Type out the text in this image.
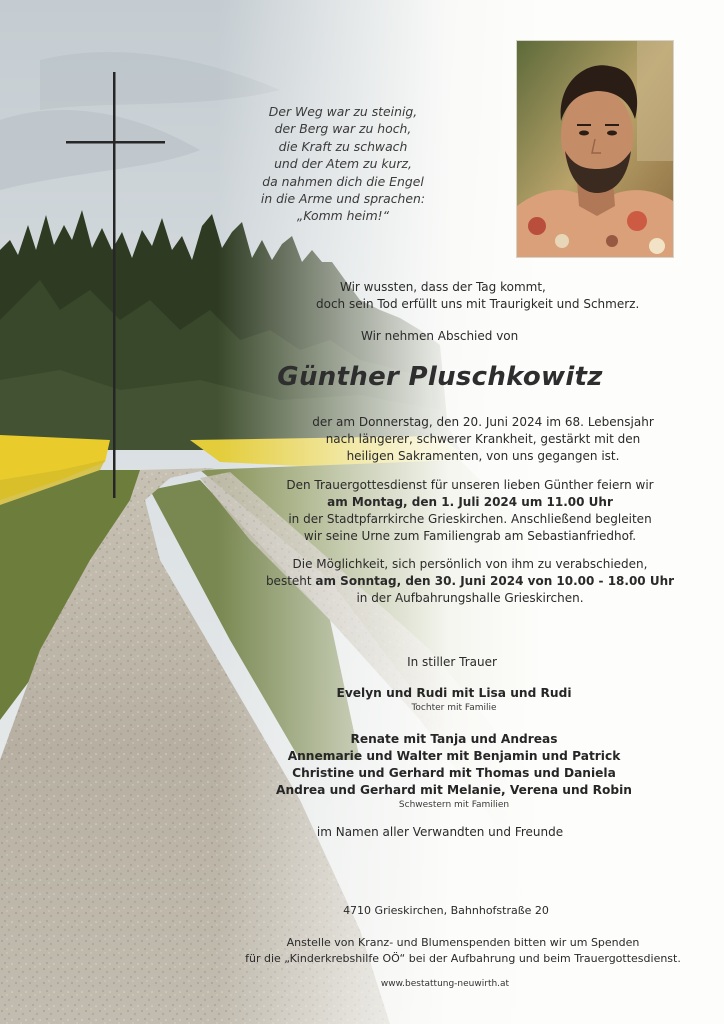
Der Weg war zu steinig,
der Berg war zu hoch,
die Kraft zu schwach
und der Atem zu kurz,
da nahmen dich die Engel
in die Arme und sprachen:
„Komm heim!“
Wir wussten, dass der Tag kommt,
doch sein Tod erfüllt uns mit Traurigkeit und Schmerz.
Wir nehmen Abschied von
Günther Pluschkowitz
der am Donnerstag, den 20. Juni 2024 im 68. Lebensjahr
nach längerer, schwerer Krankheit, gestärkt mit den
heiligen Sakramenten, von uns gegangen ist.
Den Trauergottesdienst für unseren lieben Günther feiern wir
am Montag, den 1. Juli 2024 um 11.00 Uhr
in der Stadtpfarrkirche Grieskirchen. Anschließend begleiten
wir seine Urne zum Familiengrab am Sebastianfriedhof.
Die Möglichkeit, sich persönlich von ihm zu verabschieden,
besteht am Sonntag, den 30. Juni 2024 von 10.00 - 18.00 Uhr
in der Aufbahrungshalle Grieskirchen.
In stiller Trauer
Evelyn und Rudi mit Lisa und Rudi
Tochter mit Familie
Renate mit Tanja und Andreas
Annemarie und Walter mit Benjamin und Patrick
Christine und Gerhard mit Thomas und Daniela
Andrea und Gerhard mit Melanie, Verena und Robin
Schwestern mit Familien
im Namen aller Verwandten und Freunde
4710 Grieskirchen, Bahnhofstraße 20
Anstelle von Kranz- und Blumenspenden bitten wir um Spenden
für die „Kinderkrebshilfe OÖ“ bei der Aufbahrung und beim Trauergottesdienst.
www.bestattung-neuwirth.at
